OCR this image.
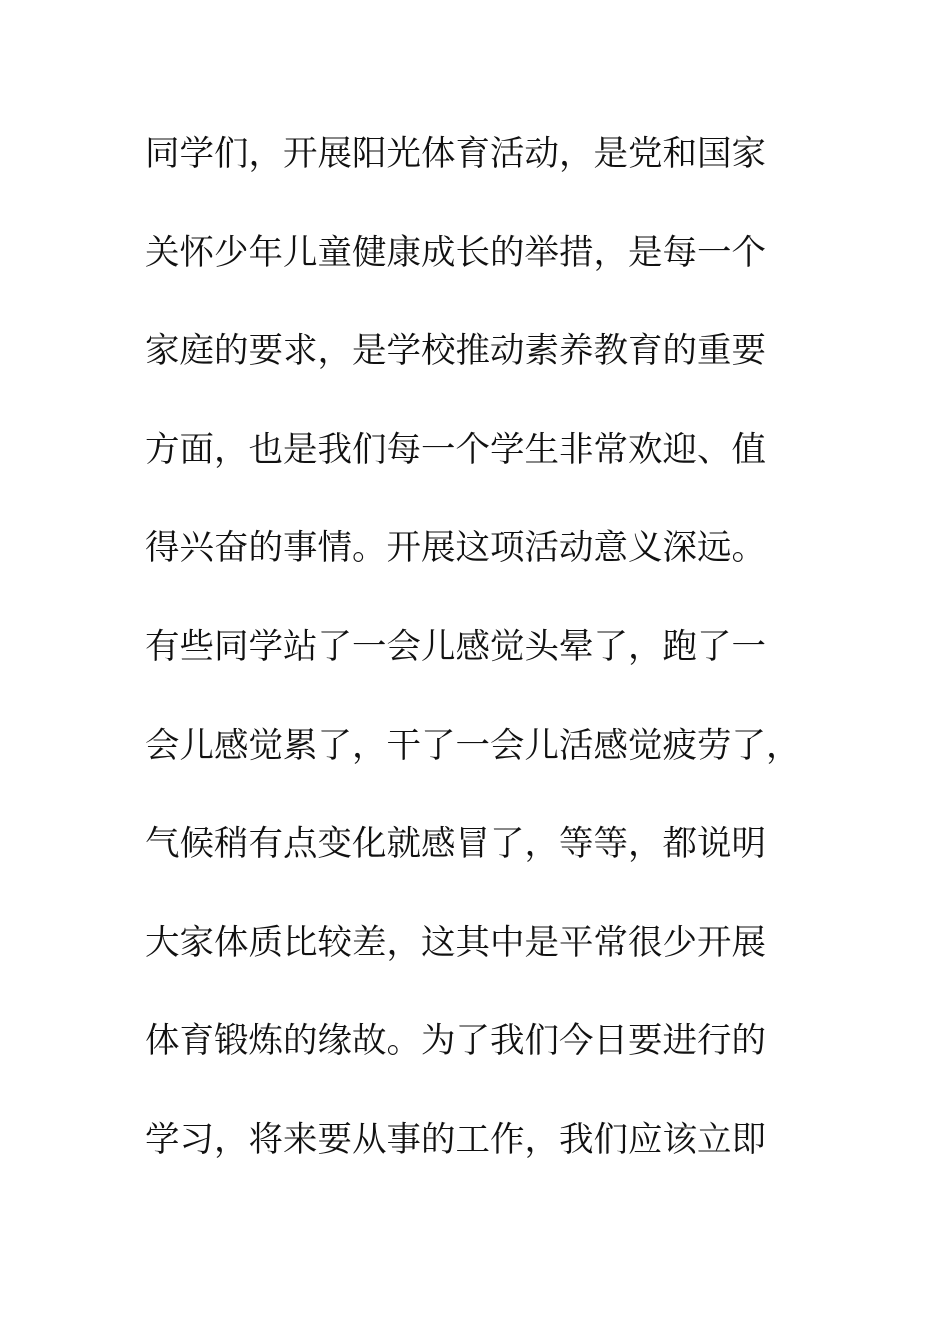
同学们，开展阳光体育活动，是党和国家
关怀少年儿童健康成长的举措，是每一个
家庭的要求，是学校推动素养教育的重要
方面，也是我们每一个学生非常欢迎、值
得兴奋的事情。开展这项活动意义深远。
有些同学站了一会儿感觉头晕了，跑了一
会儿感觉累了，干了一会儿活感觉疲劳了，
气候稍有点变化就感冒了，等等，都说明
大家体质比较差，这其中是平常很少开展
体育锻炼的缘故。为了我们今日要进行的
学习，将来要从事的工作，我们应该立即
